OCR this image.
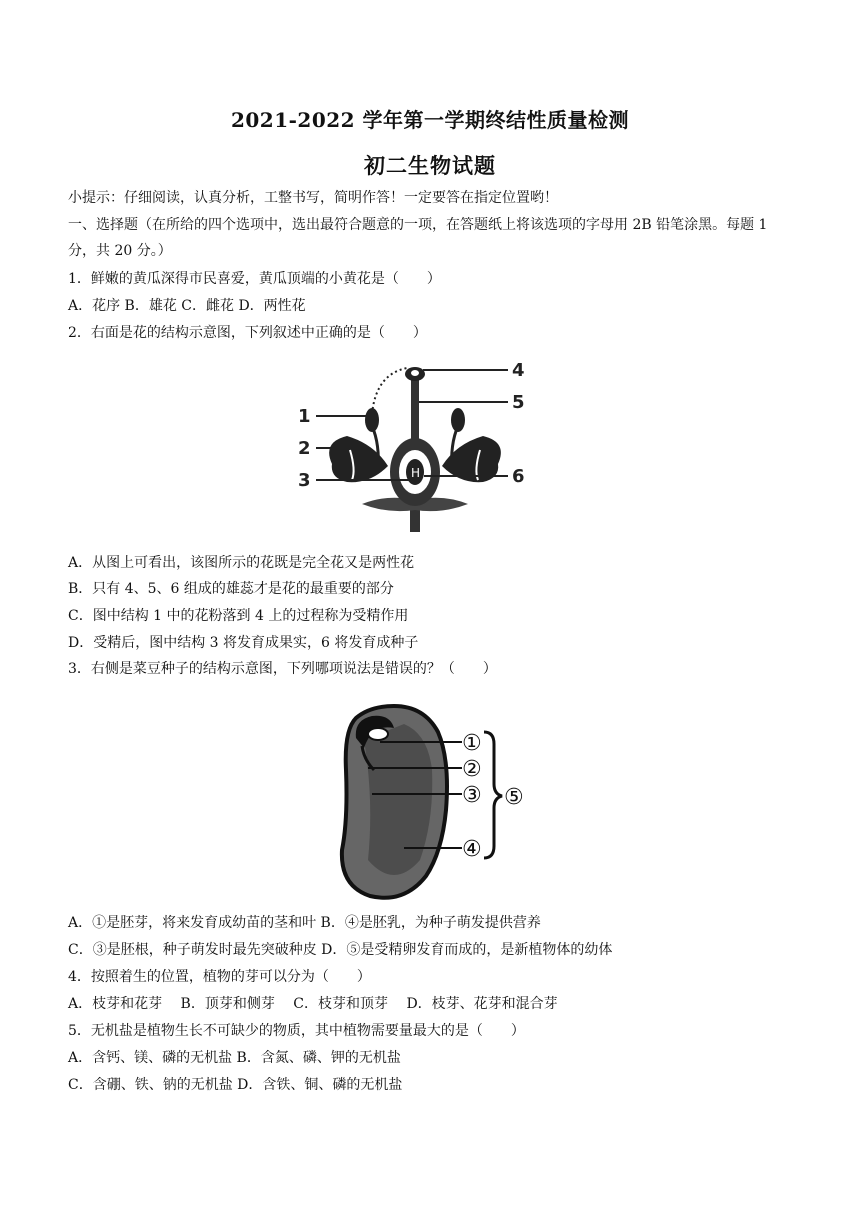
2021-2022 学年第一学期终结性质量检测
初二生物试题
小提示：仔细阅读，认真分析，工整书写，简明作答！一定要答在指定位置哟！
一、选择题（在所给的四个选项中，选出最符合题意的一项，在答题纸上将该选项的字母用 2B 铅笔涂黑。每题 1 分，共 20 分。）
1．鲜嫩的黄瓜深得市民喜爱，黄瓜顶端的小黄花是（　　）
A．花序 B．雄花 C．雌花 D．两性花
2．右面是花的结构示意图，下列叙述中正确的是（　　）
H
1
2
3
4
5
6
A．从图上可看出，该图所示的花既是完全花又是两性花
B．只有 4、5、6 组成的雄蕊才是花的最重要的部分
C．图中结构 1 中的花粉落到 4 上的过程称为受精作用
D．受精后，图中结构 3 将发育成果实，6 将发育成种子
3．右侧是菜豆种子的结构示意图，下列哪项说法是错误的？（　　）
①
②
③
④
⑤
A．①是胚芽，将来发育成幼苗的茎和叶 B．④是胚乳，为种子萌发提供营养
C．③是胚根，种子萌发时最先突破种皮 D．⑤是受精卵发育而成的，是新植物体的幼体
4．按照着生的位置，植物的芽可以分为（　　）
A．枝芽和花芽　 B．顶芽和侧芽　 C．枝芽和顶芽　 D．枝芽、花芽和混合芽
5．无机盐是植物生长不可缺少的物质，其中植物需要量最大的是（　　）
A．含钙、镁、磷的无机盐 B．含氮、磷、钾的无机盐
C．含硼、铁、钠的无机盐 D．含铁、铜、磷的无机盐
